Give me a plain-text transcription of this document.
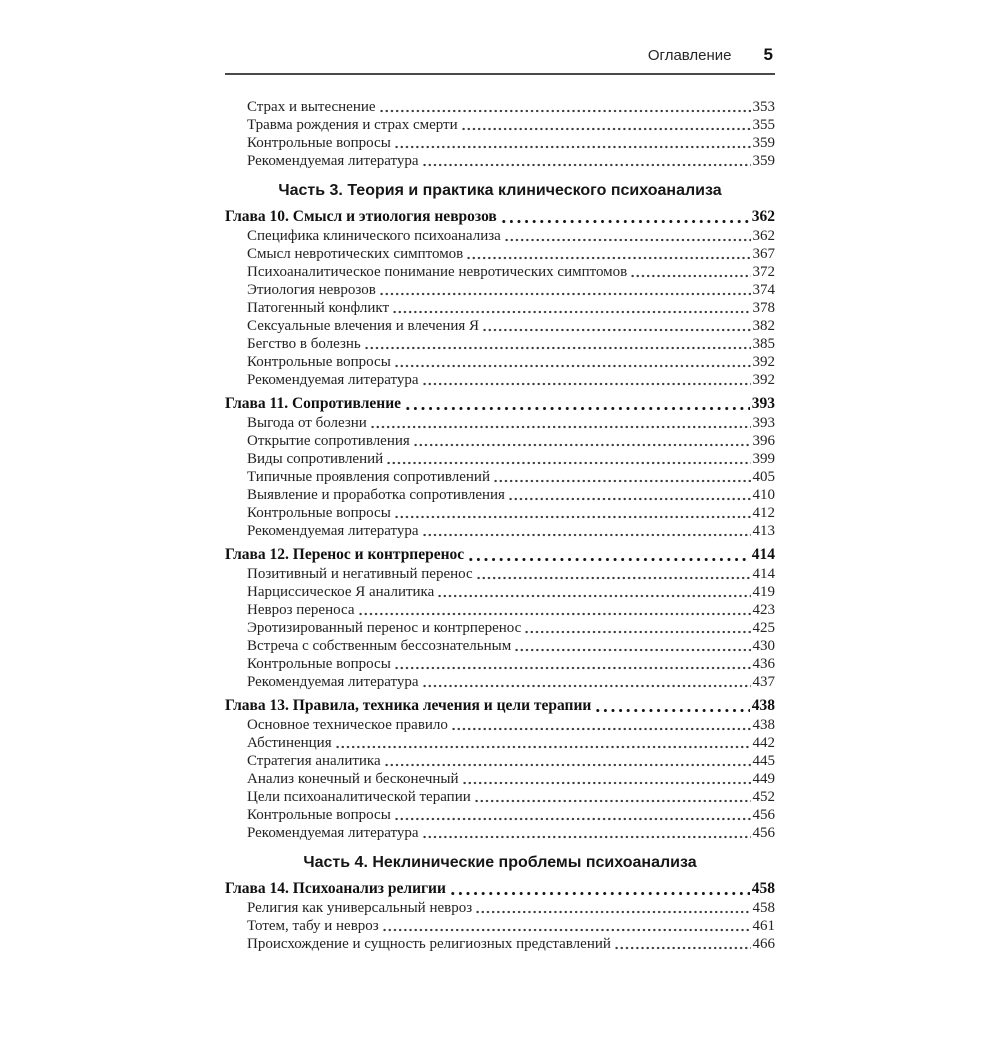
Оглавление 5
Страх и вытеснение	353
Травма рождения и страх смерти	355
Контрольные вопросы	359
Рекомендуемая литература	359
Часть 3. Теория и практика клинического психоанализа
Глава 10. Смысл и этиология неврозов	362
Специфика клинического психоанализа	362
Смысл невротических симптомов	367
Психоаналитическое понимание невротических симптомов	372
Этиология неврозов	374
Патогенный конфликт	378
Сексуальные влечения и влечения Я	382
Бегство в болезнь	385
Контрольные вопросы	392
Рекомендуемая литература	392
Глава 11. Сопротивление	393
Выгода от болезни	393
Открытие сопротивления	396
Виды сопротивлений	399
Типичные проявления сопротивлений	405
Выявление и проработка сопротивления	410
Контрольные вопросы	412
Рекомендуемая литература	413
Глава 12. Перенос и контрперенос	414
Позитивный и негативный перенос	414
Нарциссическое Я аналитика	419
Невроз переноса	423
Эротизированный перенос и контрперенос	425
Встреча с собственным бессознательным	430
Контрольные вопросы	436
Рекомендуемая литература	437
Глава 13. Правила, техника лечения и цели терапии	438
Основное техническое правило	438
Абстиненция	442
Стратегия аналитика	445
Анализ конечный и бесконечный	449
Цели психоаналитической терапии	452
Контрольные вопросы	456
Рекомендуемая литература	456
Часть 4. Неклинические проблемы психоанализа
Глава 14. Психоанализ религии	458
Религия как универсальный невроз	458
Тотем, табу и невроз	461
Происхождение и сущность религиозных представлений	466
